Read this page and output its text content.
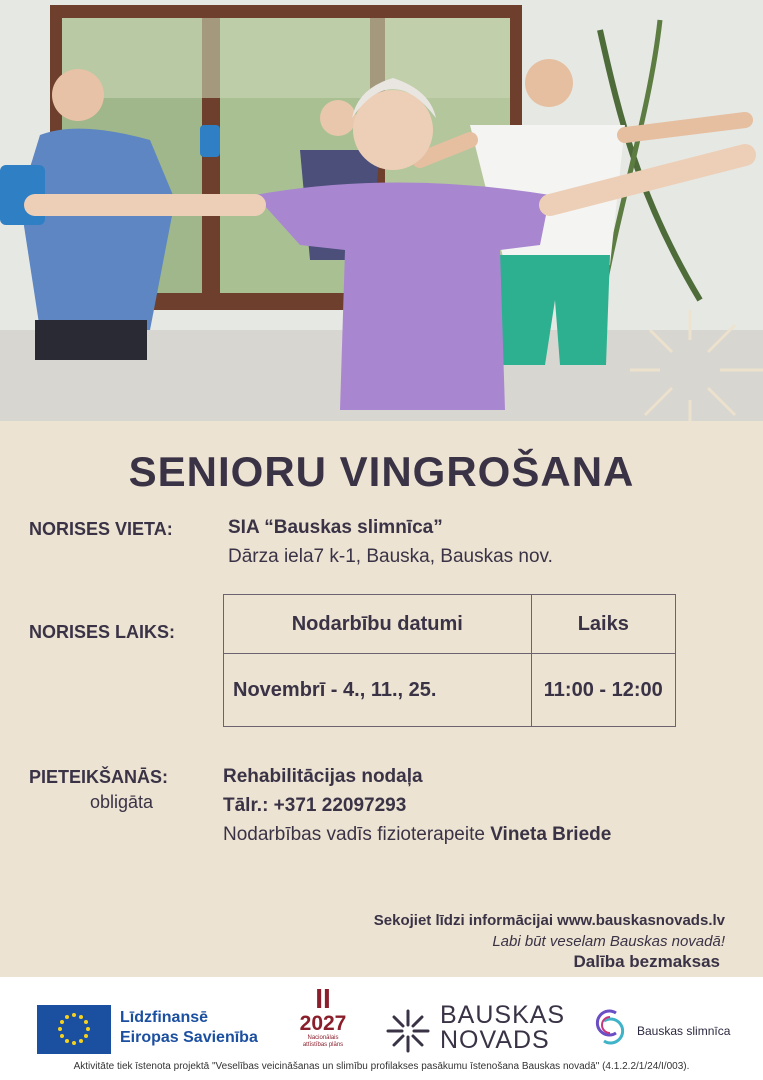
SENIORU VINGROŠANA
NORISES VIETA:	SIA “Bauskas slimnīca”
Dārza iela7 k-1, Bauska, Bauskas nov.
NORISES LAIKS:	Nodarbību datumi	Laiks
Novembrī - 4., 11., 25.	11:00 - 12:00
PIETEIKŠANĀS:
obligāta
Rehabilitācijas nodaļa
Tālr.: +371 22097293
Nodarbības vadīs fizioterapeite Vineta Briede
Sekojiet līdzi informācijai www.bauskasnovads.lv
Labi būt veselam Bauskas novadā!
Dalība bezmaksas
Līdzfinansē
Eiropas Savienība
II
2027
Nacionālais
attīstības plāns
BAUSKAS
NOVADS	Bauskas slimnīca
Aktivitāte tiek īstenota projektā "Veselības veicināšanas un slimību profilakses pasākumu īstenošana Bauskas novadā" (4.1.2.2/1/24/I/003).
